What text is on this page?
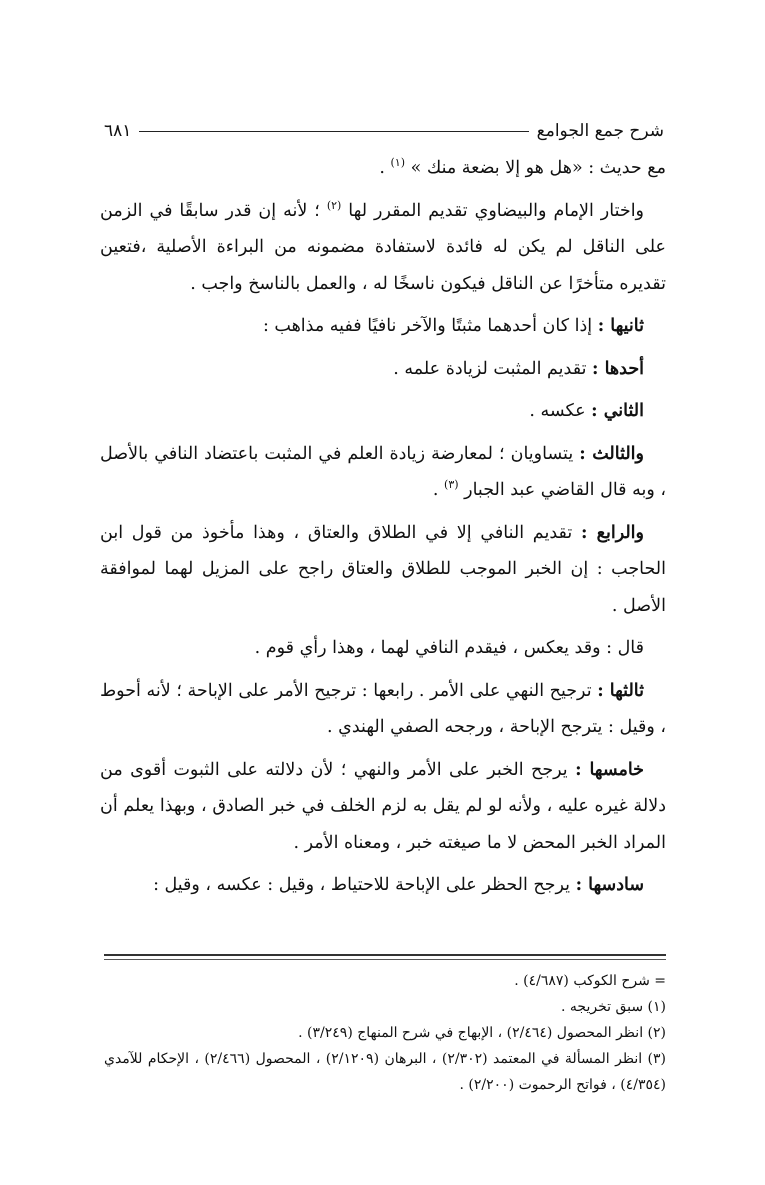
شرح جمع الجوامع
٦٨١

مع حديث : «هل هو إلا بضعة منك » $^{(١)}$ .

واختار الإمام والبيضاوي تقديم المقرر لها $^{(٢)}$ ؛ لأنه إن قدر سابقًا في الزمن على الناقل لم يكن له فائدة لاستفادة مضمونه من البراءة الأصلية ،فتعين تقديره متأخرًا عن الناقل فيكون ناسخًا له ، والعمل بالناسخ واجب .

ثانيها : إذا كان أحدهما مثبتًا والآخر نافيًا ففيه مذاهب :

أحدها : تقديم المثبت لزيادة علمه .

الثاني : عكسه .

والثالث : يتساويان ؛ لمعارضة زيادة العلم في المثبت باعتضاد النافي بالأصل ، وبه قال القاضي عبد الجبار $^{(٣)}$ .

والرابع : تقديم النافي إلا في الطلاق والعتاق ، وهذا مأخوذ من قول ابن الحاجب : إن الخبر الموجب للطلاق والعتاق راجح على المزيل لهما لموافقة الأصل .

قال : وقد يعكس ، فيقدم النافي لهما ، وهذا رأي قوم .

ثالثها : ترجيح النهي على الأمر . رابعها : ترجيح الأمر على الإباحة ؛ لأنه أحوط ، وقيل : يترجح الإباحة ، ورجحه الصفي الهندي .

خامسها : يرجح الخبر على الأمر والنهي ؛ لأن دلالته على الثبوت أقوى من دلالة غيره عليه ، ولأنه لو لم يقل به لزم الخلف في خبر الصادق ، وبهذا يعلم أن المراد الخبر المحض لا ما صيغته خبر ، ومعناه الأمر .

سادسها : يرجح الحظر على الإباحة للاحتياط ، وقيل : عكسه ، وقيل :

= شرح الكوكب (٤/٦٨٧) .
(١) سبق تخريجه .
(٢) انظر المحصول (٢/٤٦٤) ، الإبهاج في شرح المنهاج (٣/٢٤٩) .
(٣) انظر المسألة في المعتمد (٢/٣٠٢) ، البرهان (٢/١٢٠٩) ، المحصول (٢/٤٦٦) ، الإحكام للآمدي (٤/٣٥٤) ، فواتح الرحموت (٢/٢٠٠) .
